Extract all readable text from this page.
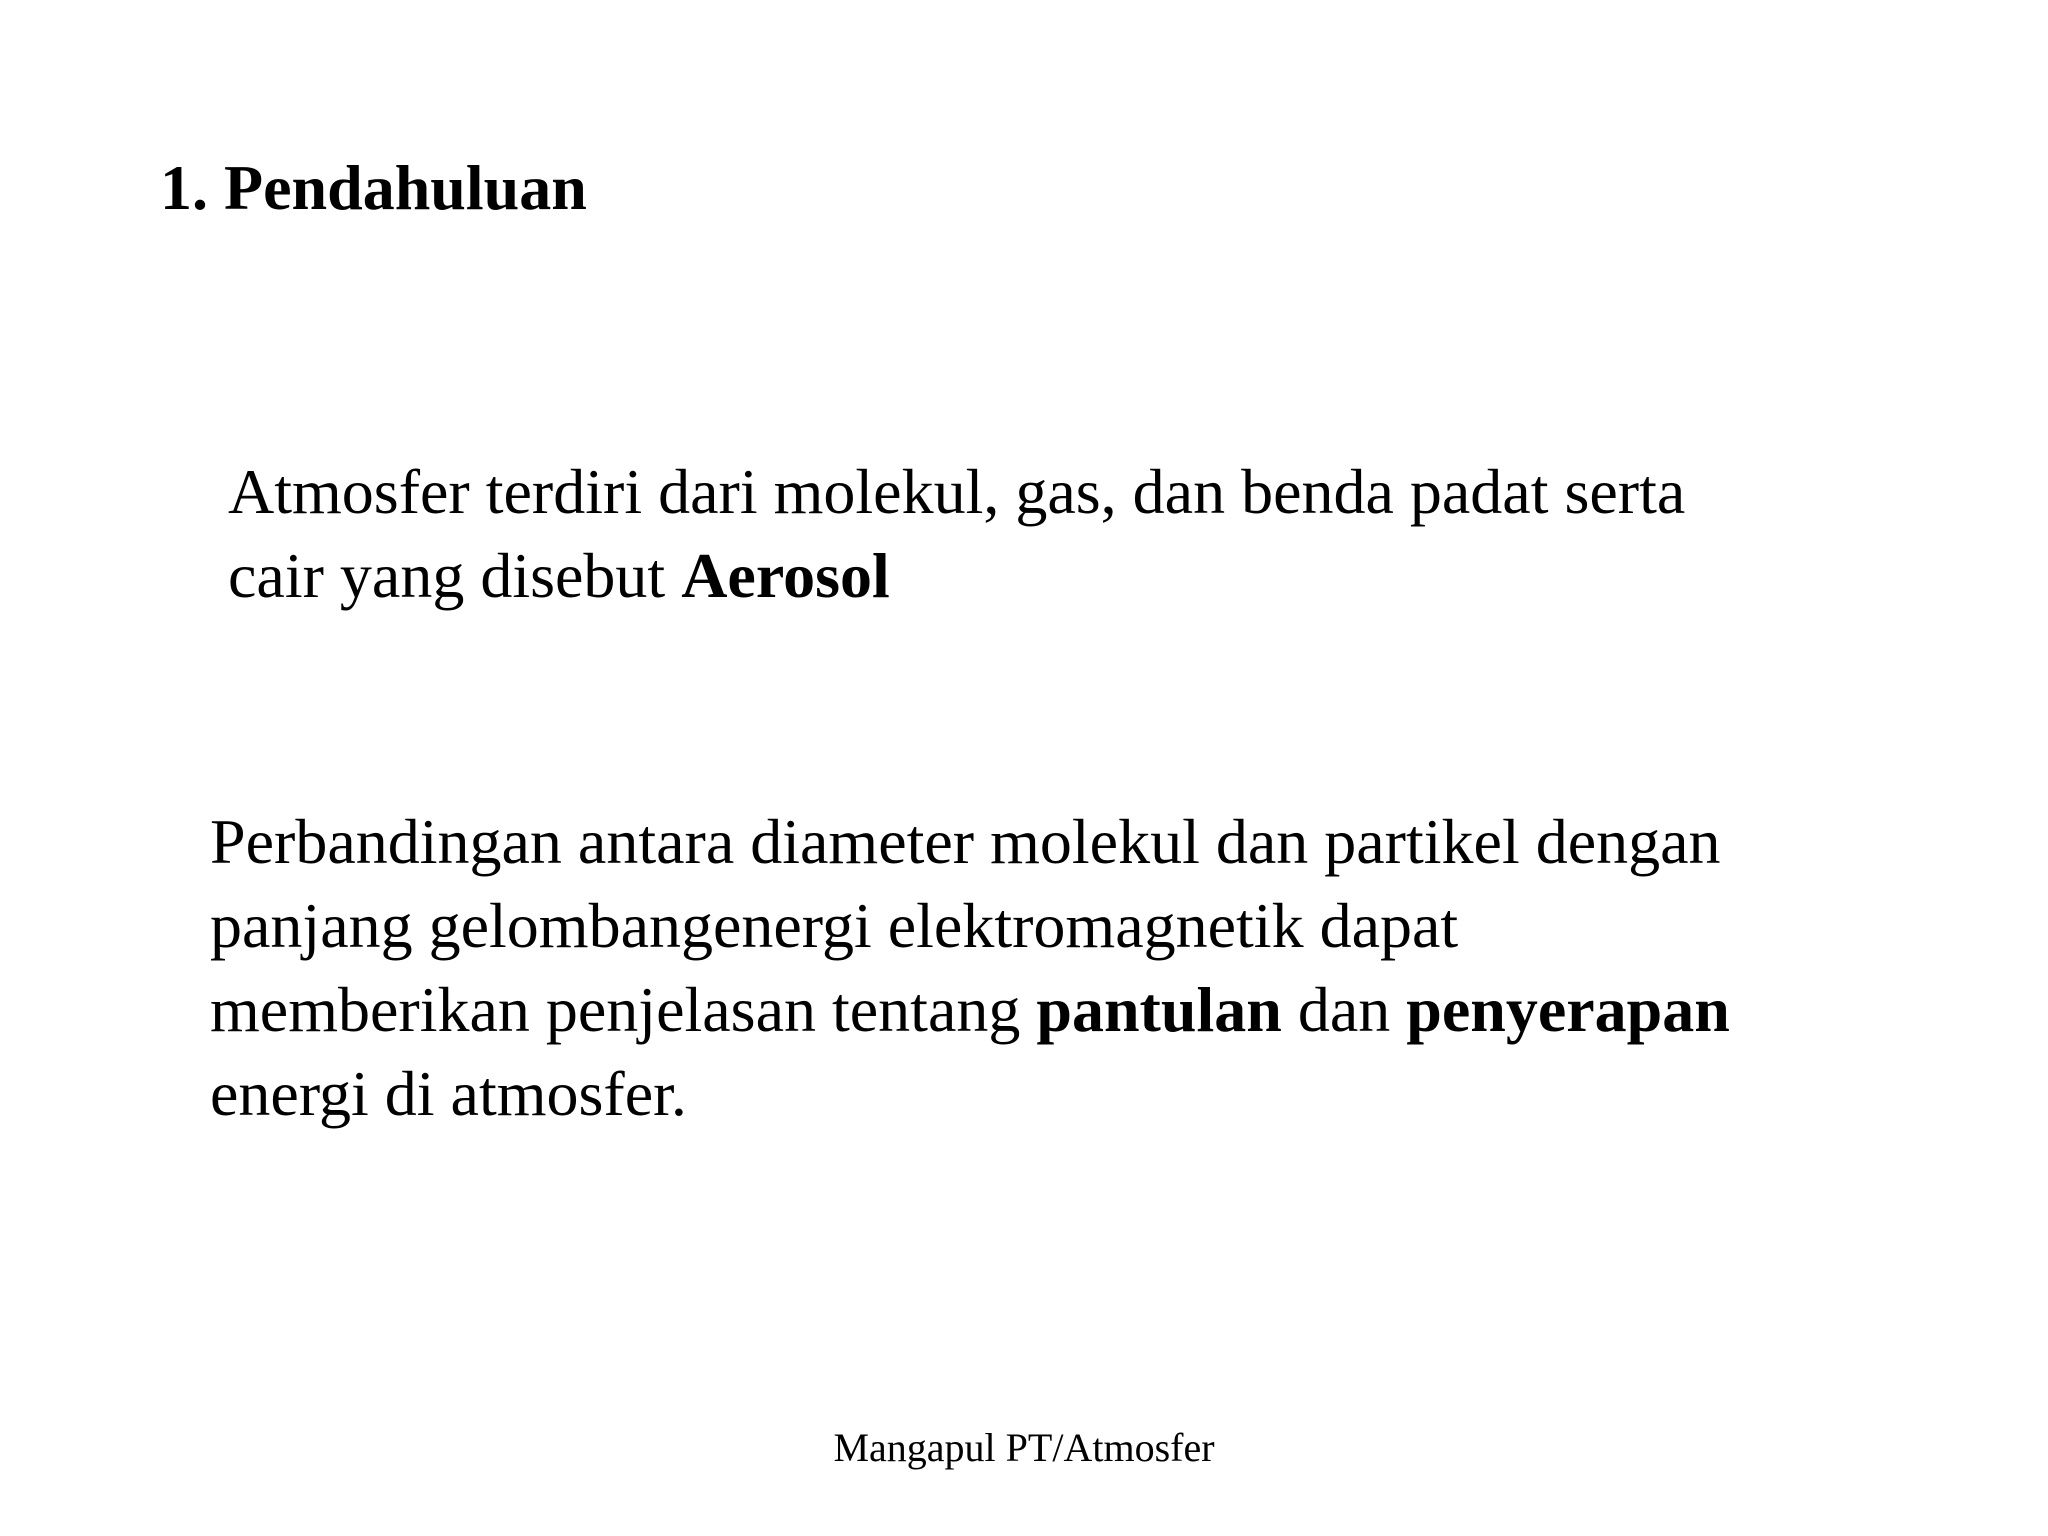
1. Pendahuluan

Atmosfer terdiri dari molekul, gas, dan benda padat serta
cair yang disebut Aerosol

Perbandingan antara diameter molekul dan partikel dengan
panjang gelombangenergi elektromagnetik dapat
memberikan penjelasan tentang pantulan dan penyerapan
energi di atmosfer.

Mangapul PT/Atmosfer
